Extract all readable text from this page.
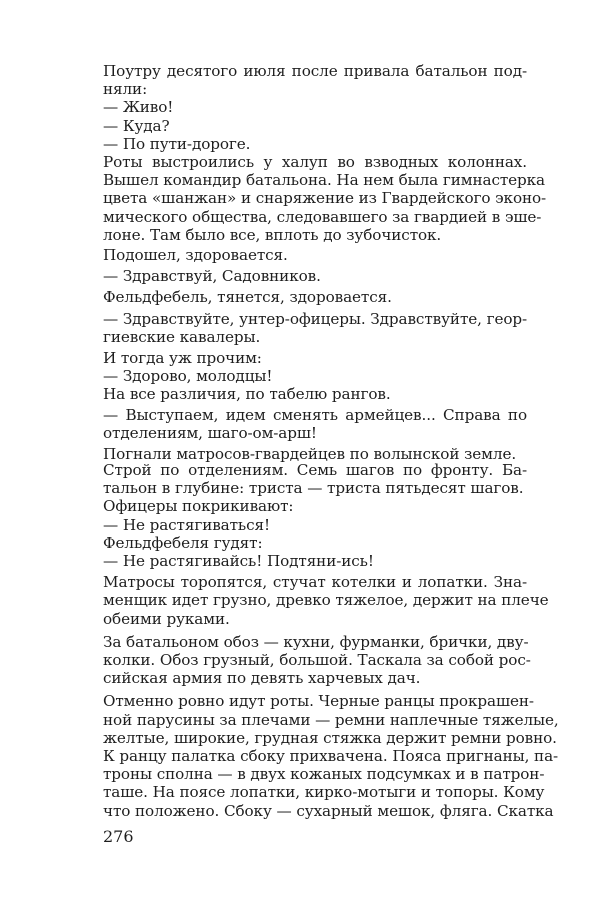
Поутру десятого июля после привала батальон под-
няли:
— Живо!
— Куда?
— По пути-дороге.
Роты выстроились у халуп во взводных колоннах.
Вышел командир батальона. На нем была гимнастерка
цвета «шанжан» и снаряжение из Гвардейского эконо-
мического общества, следовавшего за гвардией в эше-
лоне. Там было все, вплоть до зубочисток.
Подошел, здоровается.
— Здравствуй, Садовников.
Фельдфебель, тянется, здоровается.
— Здравствуйте, унтер-офицеры. Здравствуйте, геор-
гиевские кавалеры.
И тогда уж прочим:
— Здорово, молодцы!
На все различия, по табелю рангов.
— Выступаем, идем сменять армейцев... Справа по
отделениям, шаго-ом-арш!
Погнали матросов-гвардейцев по волынской земле.
Строй по отделениям. Семь шагов по фронту. Ба-
тальон в глубине: триста — триста пятьдесят шагов.
Офицеры покрикивают:
— Не растягиваться!
Фельдфебеля гудят:
— Не растягивайсь! Подтяни-ись!
Матросы торопятся, стучат котелки и лопатки. Зна-
менщик идет грузно, древко тяжелое, держит на плече
обеими руками.
За батальоном обоз — кухни, фурманки, брички, дву-
колки. Обоз грузный, большой. Таскала за собой рос-
сийская армия по девять харчевых дач.
Отменно ровно идут роты. Черные ранцы прокрашен-
ной парусины за плечами — ремни наплечные тяжелые,
желтые, широкие, грудная стяжка держит ремни ровно.
К ранцу палатка сбоку прихвачена. Пояса пригнаны, па-
троны сполна — в двух кожаных подсумках и в патрон-
таше. На поясе лопатки, кирко-мотыги и топоры. Кому
что положено. Сбоку — сухарный мешок, фляга. Скатка
276
